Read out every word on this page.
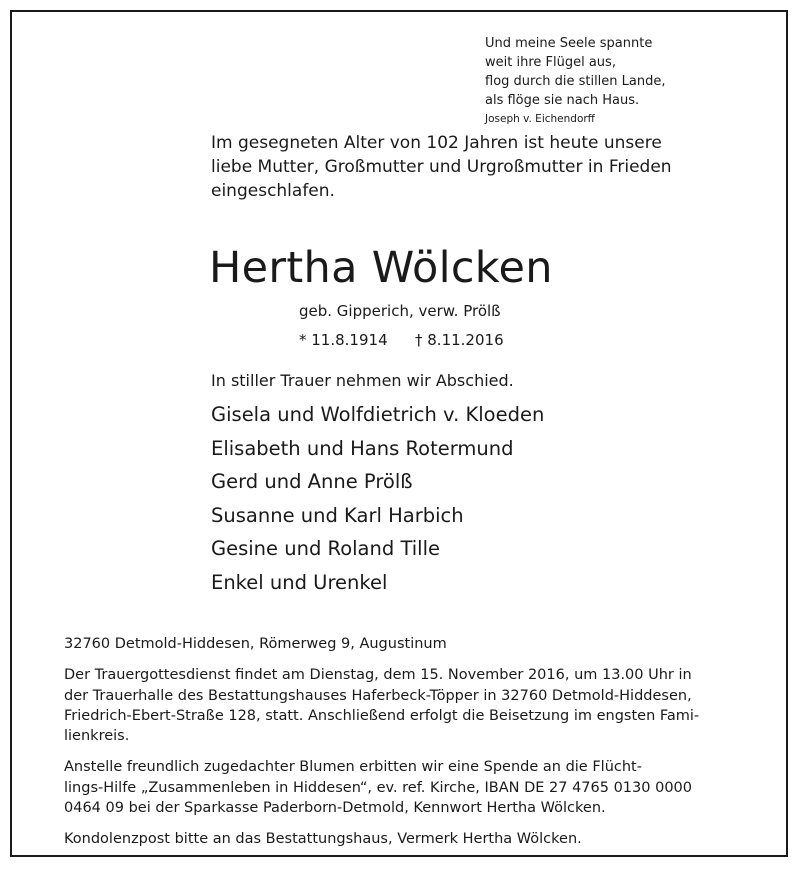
Und meine Seele spannte
weit ihre Flügel aus,
flog durch die stillen Lande,
als flöge sie nach Haus.
Joseph v. Eichendorff
Im gesegneten Alter von 102 Jahren ist heute unsere
liebe Mutter, Großmutter und Urgroßmutter in Frieden
eingeschlafen.
Hertha Wölcken
geb. Gipperich, verw. Prölß
* 11.8.1914 † 8.11.2016
In stiller Trauer nehmen wir Abschied.
Gisela und Wolfdietrich v. Kloeden
Elisabeth und Hans Rotermund
Gerd und Anne Prölß
Susanne und Karl Harbich
Gesine und Roland Tille
Enkel und Urenkel
32760 Detmold-Hiddesen, Römerweg 9, Augustinum
Der Trauergottesdienst findet am Dienstag, dem 15. November 2016, um 13.00 Uhr in
der Trauerhalle des Bestattungshauses Haferbeck-Töpper in 32760 Detmold-Hiddesen,
Friedrich-Ebert-Straße 128, statt. Anschließend erfolgt die Beisetzung im engsten Fami-
lienkreis.
Anstelle freundlich zugedachter Blumen erbitten wir eine Spende an die Flücht-
lings-Hilfe „Zusammenleben in Hiddesen“, ev. ref. Kirche, IBAN DE 27 4765 0130 0000
0464 09 bei der Sparkasse Paderborn-Detmold, Kennwort Hertha Wölcken.
Kondolenzpost bitte an das Bestattungshaus, Vermerk Hertha Wölcken.
